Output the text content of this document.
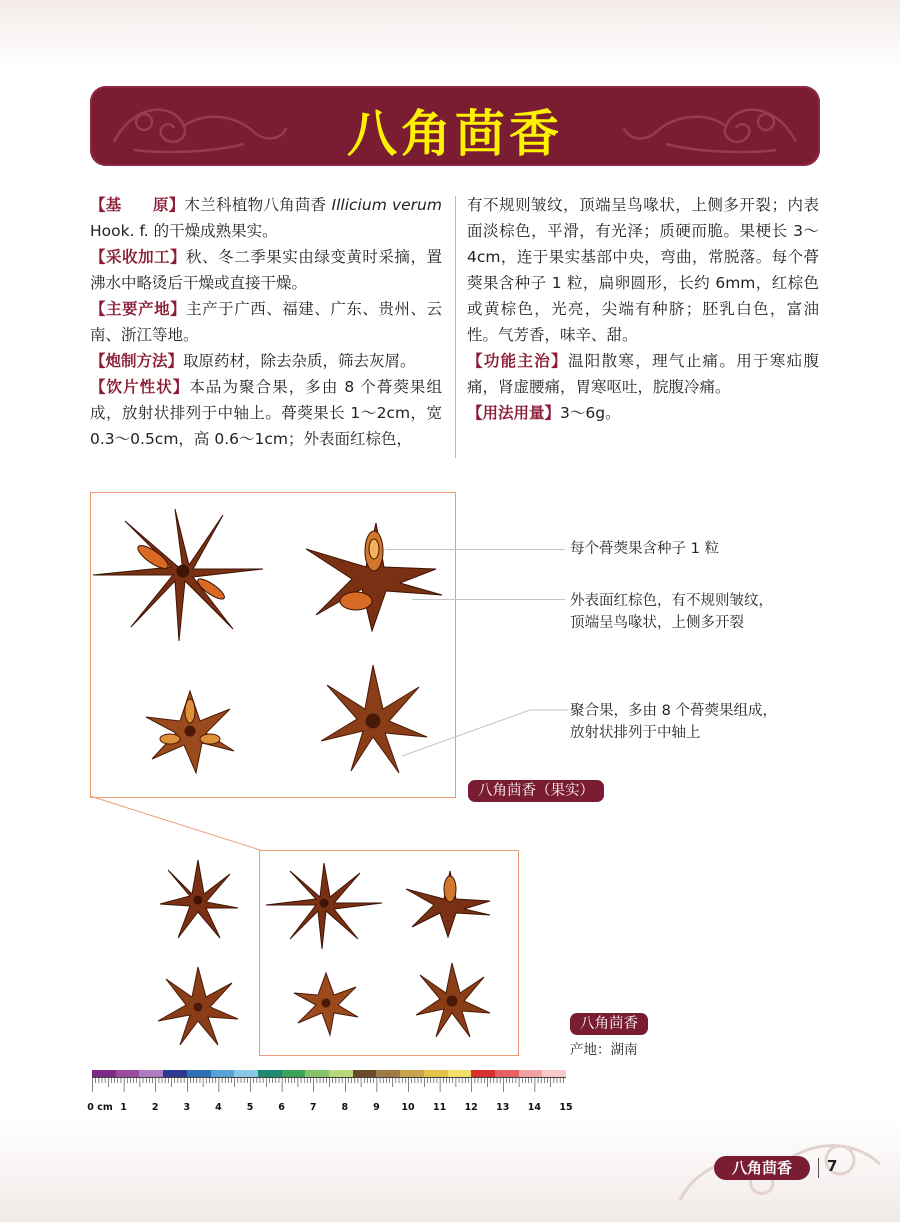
八角茴香

【基　　原】木兰科植物八角茴香 Illicium verum Hook. f. 的干燥成熟果实。

【采收加工】秋、冬二季果实由绿变黄时采摘，置沸水中略烫后干燥或直接干燥。

【主要产地】主产于广西、福建、广东、贵州、云南、浙江等地。

【炮制方法】取原药材，除去杂质，筛去灰屑。

【饮片性状】本品为聚合果，多由 8 个蓇葖果组成，放射状排列于中轴上。蓇葖果长 1～2cm，宽 0.3～0.5cm，高 0.6～1cm；外表面红棕色，

有不规则皱纹，顶端呈鸟喙状，上侧多开裂；内表面淡棕色，平滑，有光泽；质硬而脆。果梗长 3～4cm，连于果实基部中央，弯曲，常脱落。每个蓇葖果含种子 1 粒，扁卵圆形，长约 6mm，红棕色或黄棕色，光亮，尖端有种脐；胚乳白色，富油性。气芳香，味辛、甜。

【功能主治】温阳散寒，理气止痛。用于寒疝腹痛，肾虚腰痛，胃寒呕吐，脘腹冷痛。

【用法用量】3～6g。

每个蓇葖果含种子 1 粒
外表面红棕色，有不规则皱纹，
顶端呈鸟喙状，上侧多开裂
聚合果，多由 8 个蓇葖果组成，
放射状排列于中轴上
八角茴香（果实）
八角茴香
产地：湖南
0 cm 1	2	3	4	5	6	7	8	9 10 11 12 13 14 15
八角茴香	7
